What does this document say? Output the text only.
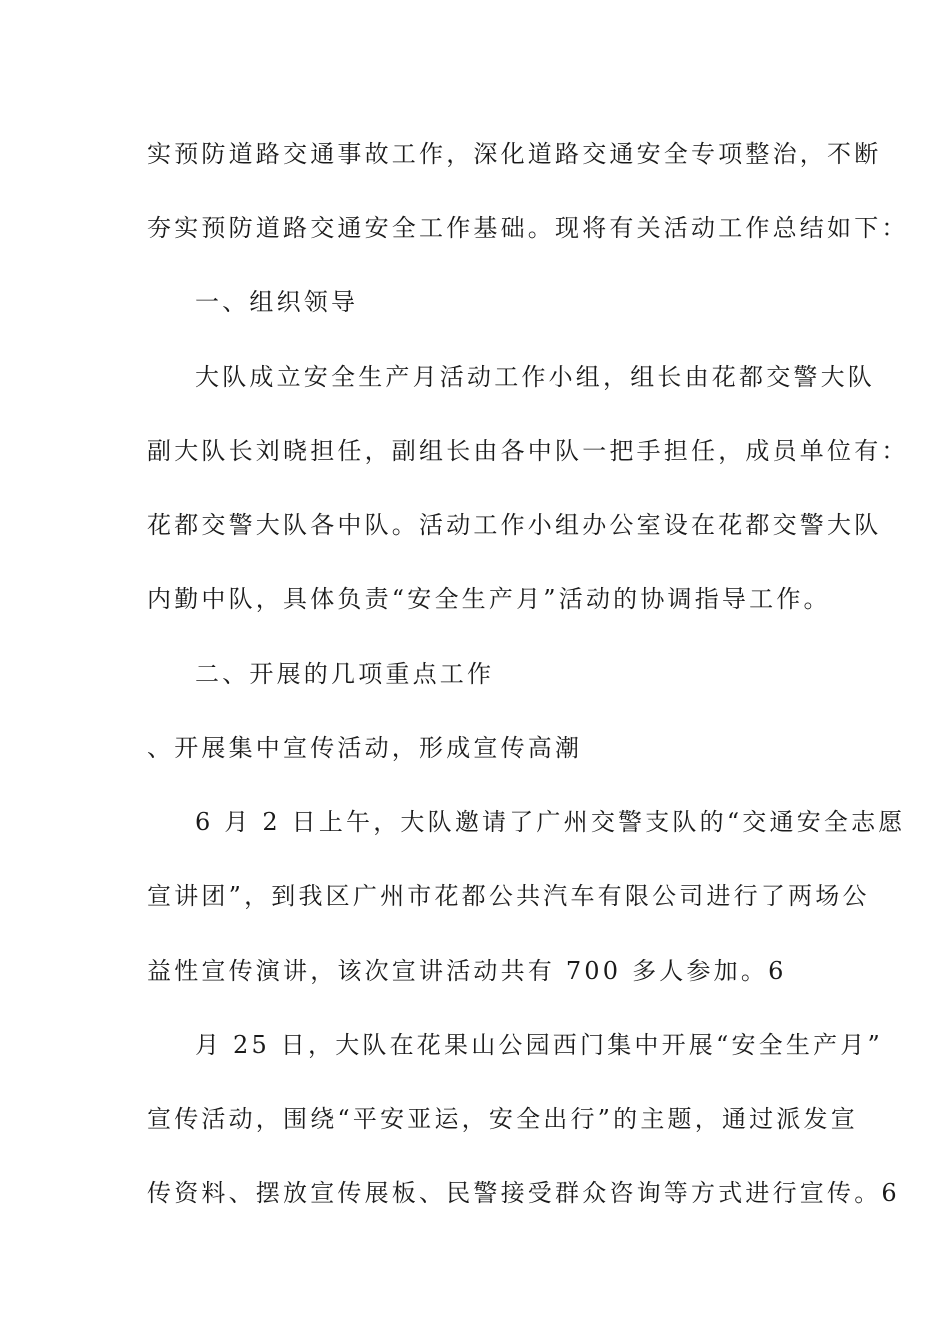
实预防道路交通事故工作，深化道路交通安全专项整治，不断
夯实预防道路交通安全工作基础。现将有关活动工作总结如下：
一、组织领导
大队成立安全生产月活动工作小组，组长由花都交警大队
副大队长刘晓担任，副组长由各中队一把手担任，成员单位有：
花都交警大队各中队。活动工作小组办公室设在花都交警大队
内勤中队，具体负责“安全生产月”活动的协调指导工作。
二、开展的几项重点工作
、开展集中宣传活动，形成宣传高潮
6 月 2 日上午，大队邀请了广州交警支队的“交通安全志愿
宣讲团”，到我区广州市花都公共汽车有限公司进行了两场公
益性宣传演讲，该次宣讲活动共有 700 多人参加。6
月 25 日，大队在花果山公园西门集中开展“安全生产月”
宣传活动，围绕“平安亚运，安全出行”的主题，通过派发宣
传资料、摆放宣传展板、民警接受群众咨询等方式进行宣传。6
